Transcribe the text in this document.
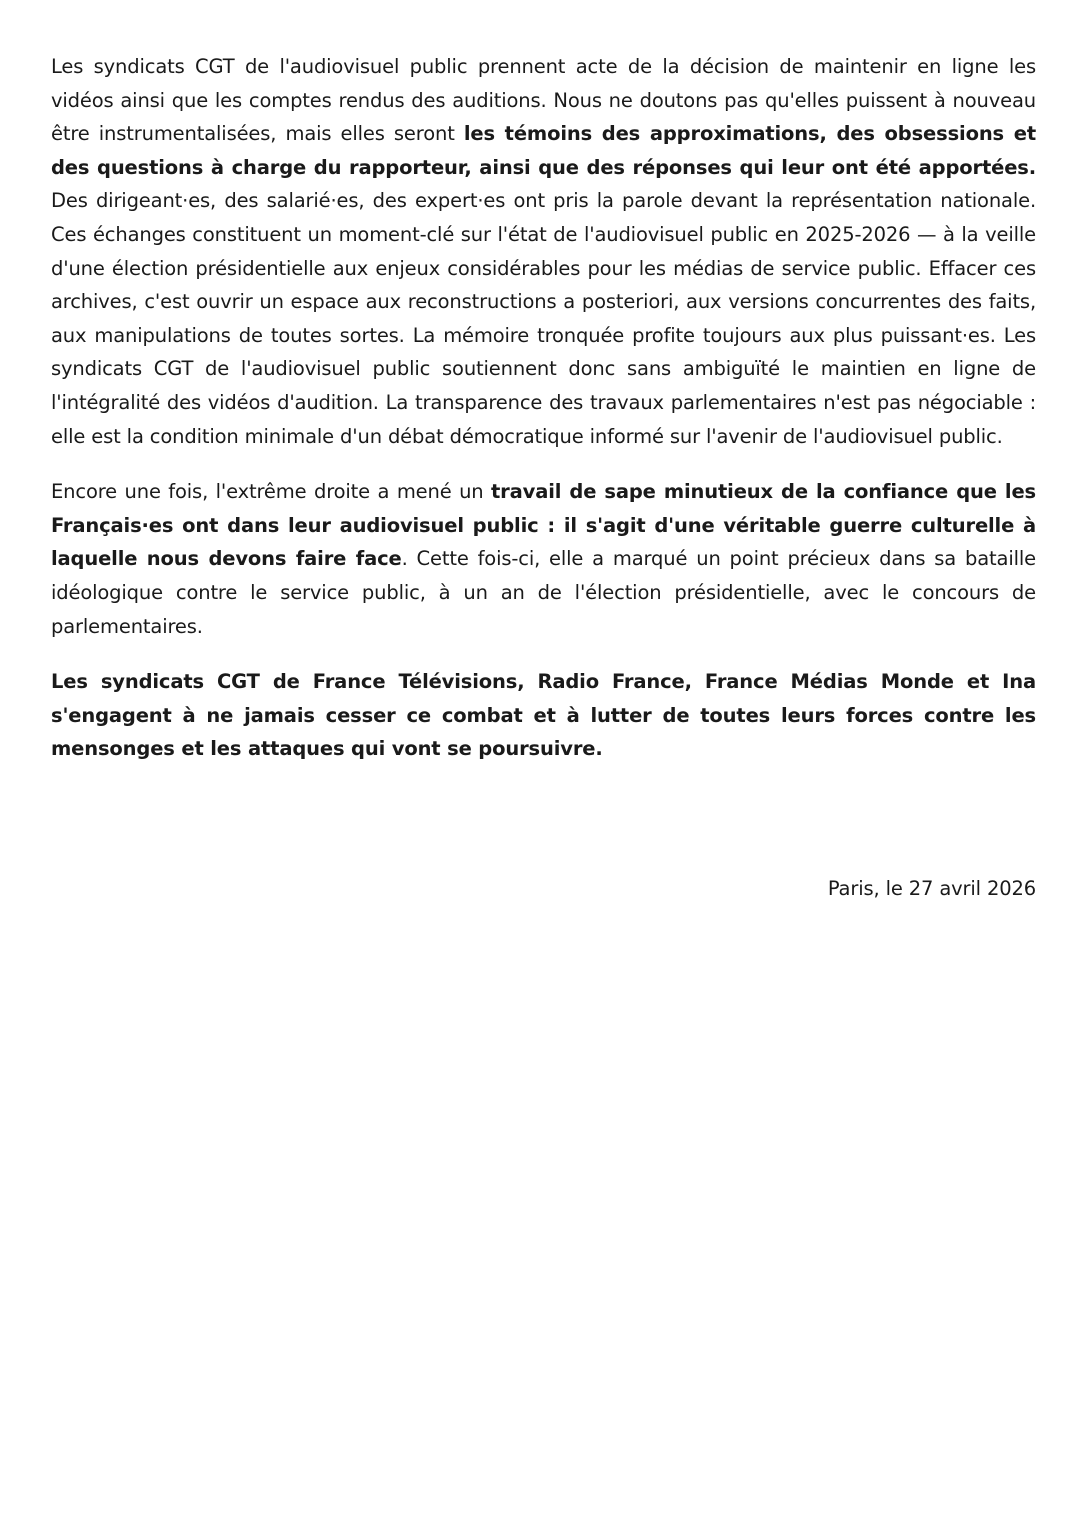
Les syndicats CGT de l'audiovisuel public prennent acte de la décision de maintenir en ligne les vidéos ainsi que les comptes rendus des auditions. Nous ne doutons pas qu'elles puissent à nouveau être instrumentalisées, mais elles seront les témoins des approximations, des obsessions et des questions à charge du rapporteur, ainsi que des réponses qui leur ont été apportées. Des dirigeant·es, des salarié·es, des expert·es ont pris la parole devant la représentation nationale. Ces échanges constituent un moment-clé sur l'état de l'audiovisuel public en 2025-2026 — à la veille d'une élection présidentielle aux enjeux considérables pour les médias de service public. Effacer ces archives, c'est ouvrir un espace aux reconstructions a posteriori, aux versions concurrentes des faits, aux manipulations de toutes sortes. La mémoire tronquée profite toujours aux plus puissant·es. Les syndicats CGT de l'audiovisuel public soutiennent donc sans ambiguïté le maintien en ligne de l'intégralité des vidéos d'audition. La transparence des travaux parlementaires n'est pas négociable : elle est la condition minimale d'un débat démocratique informé sur l'avenir de l'audiovisuel public.

Encore une fois, l'extrême droite a mené un travail de sape minutieux de la confiance que les Français·es ont dans leur audiovisuel public : il s'agit d'une véritable guerre culturelle à laquelle nous devons faire face. Cette fois-ci, elle a marqué un point précieux dans sa bataille idéologique contre le service public, à un an de l'élection présidentielle, avec le concours de parlementaires.

Les syndicats CGT de France Télévisions, Radio France, France Médias Monde et Ina s'engagent à ne jamais cesser ce combat et à lutter de toutes leurs forces contre les mensonges et les attaques qui vont se poursuivre.

Paris, le 27 avril 2026
